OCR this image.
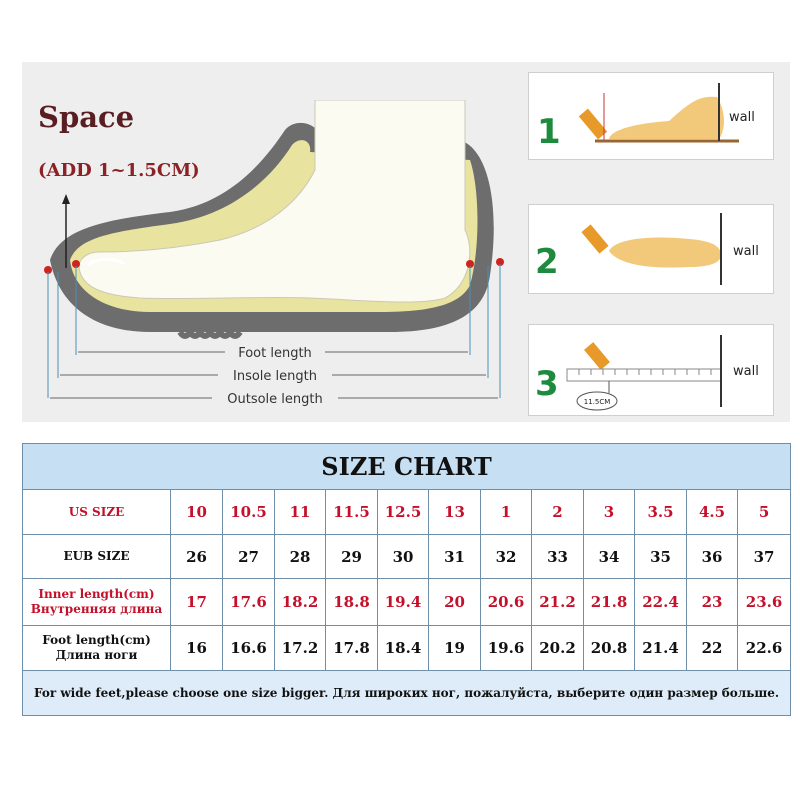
Foot length
Insole length
Outsole length
Space
(ADD 1~1.5CM)
1	wall
2	wall
3	11.5CM
wall
SIZE CHART												
US SIZE	10	10.5	11	11.5	12.5	13	1	2	3	3.5	4.5	5
EUB SIZE	26	27	28	29	30	31	32	33	34	35	36	37
Inner length(cm)
Внутренняя длина	17	17.6	18.2	18.8	19.4	20	20.6	21.2	21.8	22.4	23	23.6
Foot length(cm)
Длина ноги	16	16.6	17.2	17.8	18.4	19	19.6	20.2	20.8	21.4	22	22.6
For wide feet,please choose one size bigger. Для широких ног, пожалуйста, выберите один размер больше.												
